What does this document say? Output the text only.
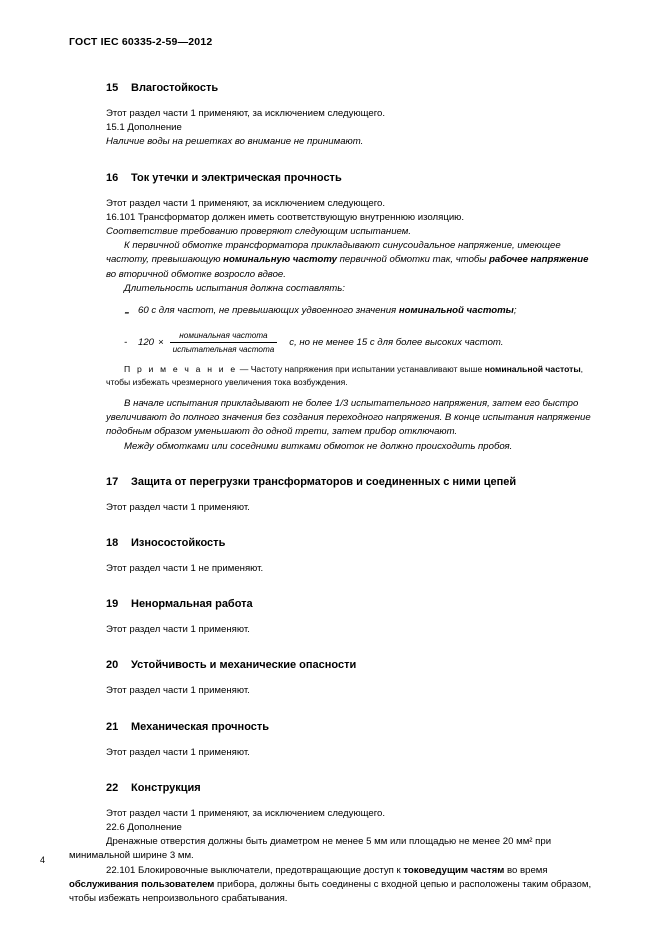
ГОСТ IEC 60335-2-59—2012
15	Влагостойкость

Этот раздел части 1 применяют, за исключением следующего.

15.1 Дополнение

Наличие воды на решетках во внимание не принимают.

16	Ток утечки и электрическая прочность

Этот раздел части 1 применяют, за исключением следующего.

16.101 Трансформатор должен иметь соответствующую внутреннюю изоляцию.

Соответствие требованию проверяют следующим испытанием.

К первичной обмотке трансформатора прикладывают синусоидальное напряжение, имеющее частоту, превышающую номинальную частоту первичной обмотки так, чтобы рабочее напряжение во вторичной обмотке возросло вдвое.

Длительность испытания должна составлять:

- 60 с для частот, не превышающих удвоенного значения номинальной частоты;

-	$120 \times \frac{\text{номинальная частота}}{\text{испытательная частота}} с$, но не менее 15 с для более высоких частот.

П р и м е ч а н и е — Частоту напряжения при испытании устанавливают выше номинальной частоты, чтобы избежать чрезмерного увеличения тока возбуждения.

В начале испытания прикладывают не более 1/3 испытательного напряжения, затем его быстро увеличивают до полного значения без создания переходного напряжения. В конце испытания напряжение подобным образом уменьшают до одной трети, затем прибор отключают.

Между обмотками или соседними витками обмоток не должно происходить пробоя.

17	Защита от перегрузки трансформаторов и соединенных с ними цепей

Этот раздел части 1 применяют.

18	Износостойкость

Этот раздел части 1 не применяют.

19	Ненормальная работа

Этот раздел части 1 применяют.

20	Устойчивость и механические опасности

Этот раздел части 1 применяют.

21	Механическая прочность

Этот раздел части 1 применяют.

22	Конструкция

Этот раздел части 1 применяют, за исключением следующего.

22.6 Дополнение

Дренажные отверстия должны быть диаметром не менее 5 мм или площадью не менее 20 мм² при минимальной ширине 3 мм.

22.101 Блокировочные выключатели, предотвращающие доступ к токоведущим частям во время обслуживания пользователем прибора, должны быть соединены с входной цепью и расположены таким образом, чтобы избежать непроизвольного срабатывания.

4
